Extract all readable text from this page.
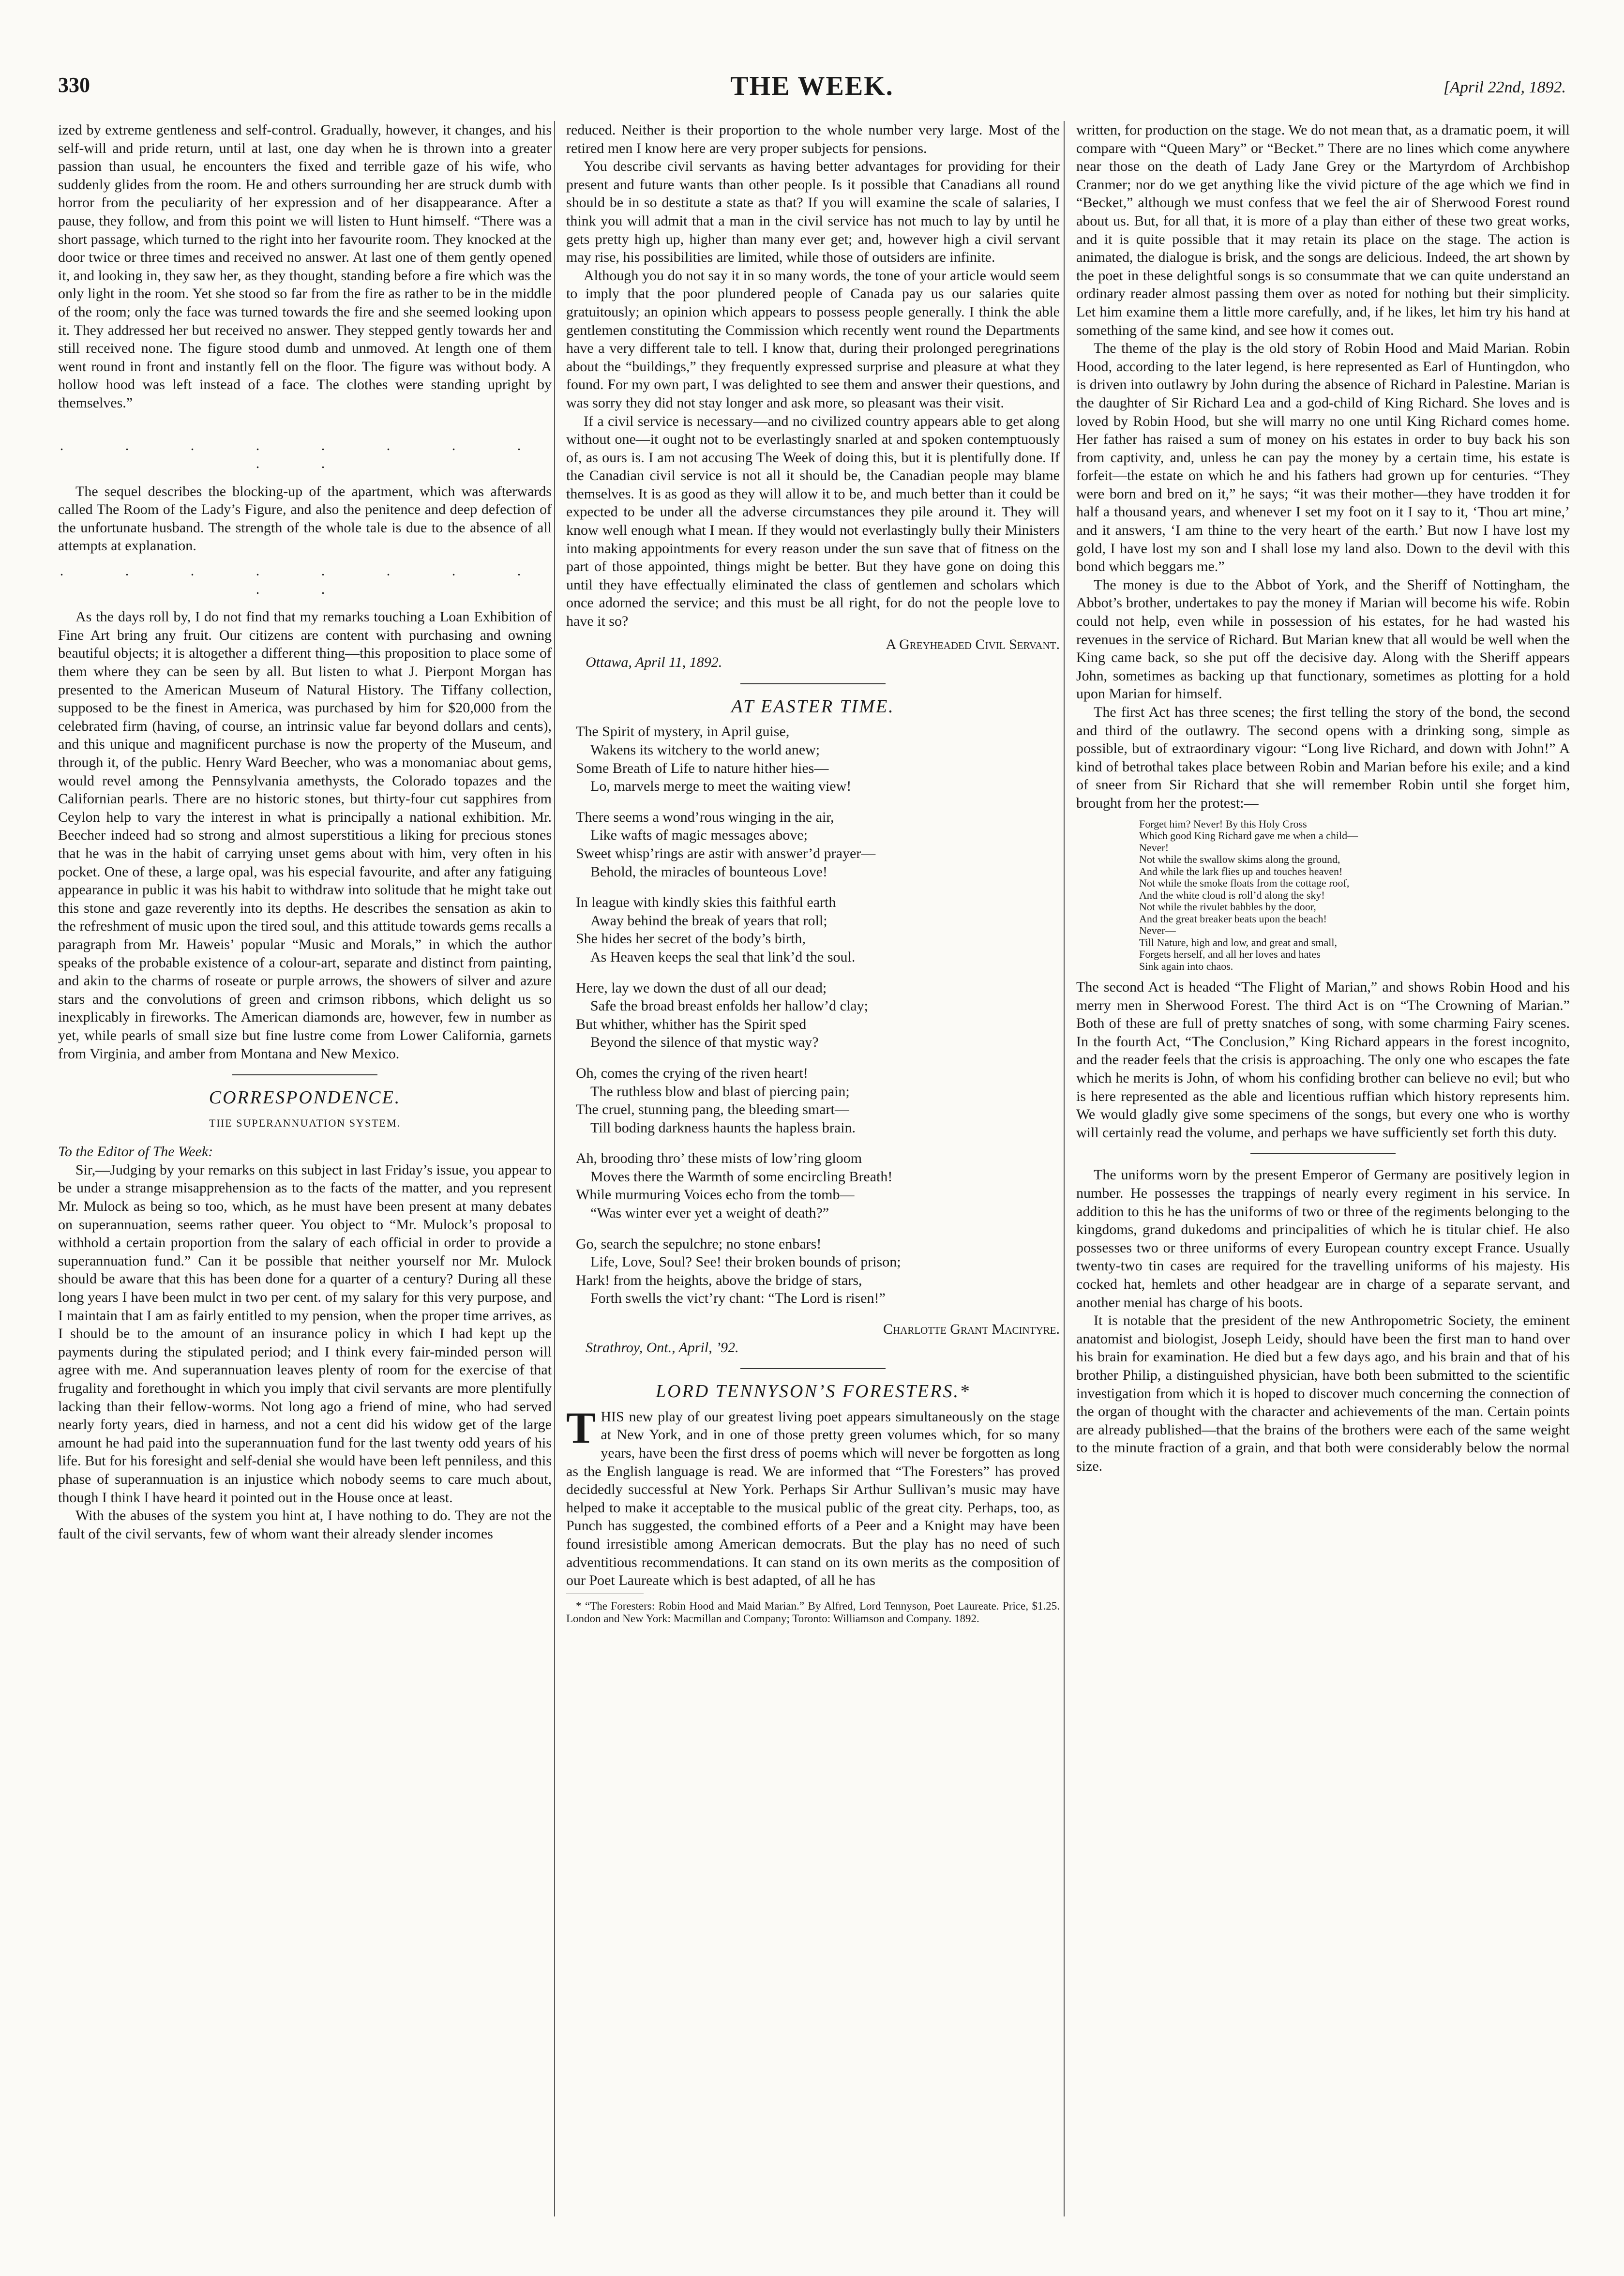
330	THE WEEK.	[April 22nd, 1892.

ized by extreme gentleness and self-control. Gradually, however, it changes, and his self-will and pride return, until at last, one day when he is thrown into a greater passion than usual, he encounters the fixed and terrible gaze of his wife, who suddenly glides from the room. He and others surrounding her are struck dumb with horror from the peculiarity of her expression and of her disappearance. After a pause, they follow, and from this point we will listen to Hunt himself. “There was a short passage, which turned to the right into her favourite room. They knocked at the door twice or three times and received no answer. At last one of them gently opened it, and looking in, they saw her, as they thought, standing before a fire which was the only light in the room. Yet she stood so far from the fire as rather to be in the middle of the room; only the face was turned towards the fire and she seemed looking upon it. They addressed her but received no answer. They stepped gently towards her and still received none. The figure stood dumb and unmoved. At length one of them went round in front and instantly fell on the floor. The figure was without body. A hollow hood was left instead of a face. The clothes were standing upright by themselves.”

. . . . . . . . . .

The sequel describes the blocking-up of the apartment, which was afterwards called The Room of the Lady’s Figure, and also the penitence and deep defection of the unfortunate husband. The strength of the whole tale is due to the absence of all attempts at explanation.

. . . . . . . . . .

As the days roll by, I do not find that my remarks touching a Loan Exhibition of Fine Art bring any fruit. Our citizens are content with purchasing and owning beautiful objects; it is altogether a different thing—this proposition to place some of them where they can be seen by all. But listen to what J. Pierpont Morgan has presented to the American Museum of Natural History. The Tiffany collection, supposed to be the finest in America, was purchased by him for $20,000 from the celebrated firm (having, of course, an intrinsic value far beyond dollars and cents), and this unique and magnificent purchase is now the property of the Museum, and through it, of the public. Henry Ward Beecher, who was a monomaniac about gems, would revel among the Pennsylvania amethysts, the Colorado topazes and the Californian pearls. There are no historic stones, but thirty-four cut sapphires from Ceylon help to vary the interest in what is principally a national exhibition. Mr. Beecher indeed had so strong and almost superstitious a liking for precious stones that he was in the habit of carrying unset gems about with him, very often in his pocket. One of these, a large opal, was his especial favourite, and after any fatiguing appearance in public it was his habit to withdraw into solitude that he might take out this stone and gaze reverently into its depths. He describes the sensation as akin to the refreshment of music upon the tired soul, and this attitude towards gems recalls a paragraph from Mr. Haweis’ popular “Music and Morals,” in which the author speaks of the probable existence of a colour-art, separate and distinct from painting, and akin to the charms of roseate or purple arrows, the showers of silver and azure stars and the convolutions of green and crimson ribbons, which delight us so inexplicably in fireworks. The American diamonds are, however, few in number as yet, while pearls of small size but fine lustre come from Lower California, garnets from Virginia, and amber from Montana and New Mexico.

CORRESPONDENCE.
THE SUPERANNUATION SYSTEM.

To the Editor of The Week:

Sir,—Judging by your remarks on this subject in last Friday’s issue, you appear to be under a strange misapprehension as to the facts of the matter, and you represent Mr. Mulock as being so too, which, as he must have been present at many debates on superannuation, seems rather queer. You object to “Mr. Mulock’s proposal to withhold a certain proportion from the salary of each official in order to provide a superannuation fund.” Can it be possible that neither yourself nor Mr. Mulock should be aware that this has been done for a quarter of a century? During all these long years I have been mulct in two per cent. of my salary for this very purpose, and I maintain that I am as fairly entitled to my pension, when the proper time arrives, as I should be to the amount of an insurance policy in which I had kept up the payments during the stipulated period; and I think every fair-minded person will agree with me. And superannuation leaves plenty of room for the exercise of that frugality and forethought in which you imply that civil servants are more plentifully lacking than their fellow-worms. Not long ago a friend of mine, who had served nearly forty years, died in harness, and not a cent did his widow get of the large amount he had paid into the superannuation fund for the last twenty odd years of his life. But for his foresight and self-denial she would have been left penniless, and this phase of superannuation is an injustice which nobody seems to care much about, though I think I have heard it pointed out in the House once at least.

With the abuses of the system you hint at, I have nothing to do. They are not the fault of the civil servants, few of whom want their already slender incomes

reduced. Neither is their proportion to the whole number very large. Most of the retired men I know here are very proper subjects for pensions.

You describe civil servants as having better advantages for providing for their present and future wants than other people. Is it possible that Canadians all round should be in so destitute a state as that? If you will examine the scale of salaries, I think you will admit that a man in the civil service has not much to lay by until he gets pretty high up, higher than many ever get; and, however high a civil servant may rise, his possibilities are limited, while those of outsiders are infinite.

Although you do not say it in so many words, the tone of your article would seem to imply that the poor plundered people of Canada pay us our salaries quite gratuitously; an opinion which appears to possess people generally. I think the able gentlemen constituting the Commission which recently went round the Departments have a very different tale to tell. I know that, during their prolonged peregrinations about the “buildings,” they frequently expressed surprise and pleasure at what they found. For my own part, I was delighted to see them and answer their questions, and was sorry they did not stay longer and ask more, so pleasant was their visit.

If a civil service is necessary—and no civilized country appears able to get along without one—it ought not to be everlastingly snarled at and spoken contemptuously of, as ours is. I am not accusing The Week of doing this, but it is plentifully done. If the Canadian civil service is not all it should be, the Canadian people may blame themselves. It is as good as they will allow it to be, and much better than it could be expected to be under all the adverse circumstances they pile around it. They will know well enough what I mean. If they would not everlastingly bully their Ministers into making appointments for every reason under the sun save that of fitness on the part of those appointed, things might be better. But they have gone on doing this until they have effectually eliminated the class of gentlemen and scholars which once adorned the service; and this must be all right, for do not the people love to have it so?

A Greyheaded Civil Servant.
Ottawa, April 11, 1892.
AT EASTER TIME.
The Spirit of mystery, in April guise,
Wakens its witchery to the world anew;
Some Breath of Life to nature hither hies—
Lo, marvels merge to meet the waiting view!
There seems a wond’rous winging in the air,
Like wafts of magic messages above;
Sweet whisp’rings are astir with answer’d prayer—
Behold, the miracles of bounteous Love!
In league with kindly skies this faithful earth
Away behind the break of years that roll;
She hides her secret of the body’s birth,
As Heaven keeps the seal that link’d the soul.
Here, lay we down the dust of all our dead;
Safe the broad breast enfolds her hallow’d clay;
But whither, whither has the Spirit sped
Beyond the silence of that mystic way?
Oh, comes the crying of the riven heart!
The ruthless blow and blast of piercing pain;
The cruel, stunning pang, the bleeding smart—
Till boding darkness haunts the hapless brain.
Ah, brooding thro’ these mists of low’ring gloom
Moves there the Warmth of some encircling Breath!
While murmuring Voices echo from the tomb—
“Was winter ever yet a weight of death?”
Go, search the sepulchre; no stone enbars!
Life, Love, Soul? See! their broken bounds of prison;
Hark! from the heights, above the bridge of stars,
Forth swells the vict’ry chant: “The Lord is risen!”
Charlotte Grant Macintyre.
Strathroy, Ont., April, ’92.
LORD TENNYSON’S FORESTERS.*

THIS new play of our greatest living poet appears simultaneously on the stage at New York, and in one of those pretty green volumes which, for so many years, have been the first dress of poems which will never be forgotten as long as the English language is read. We are informed that “The Foresters” has proved decidedly successful at New York. Perhaps Sir Arthur Sullivan’s music may have helped to make it acceptable to the musical public of the great city. Perhaps, too, as Punch has suggested, the combined efforts of a Peer and a Knight may have been found irresistible among American democrats. But the play has no need of such adventitious recommendations. It can stand on its own merits as the composition of our Poet Laureate which is best adapted, of all he has

* “The Foresters: Robin Hood and Maid Marian.” By Alfred, Lord Tennyson, Poet Laureate. Price, $1.25. London and New York: Macmillan and Company; Toronto: Williamson and Company. 1892.

written, for production on the stage. We do not mean that, as a dramatic poem, it will compare with “Queen Mary” or “Becket.” There are no lines which come anywhere near those on the death of Lady Jane Grey or the Martyrdom of Archbishop Cranmer; nor do we get anything like the vivid picture of the age which we find in “Becket,” although we must confess that we feel the air of Sherwood Forest round about us. But, for all that, it is more of a play than either of these two great works, and it is quite possible that it may retain its place on the stage. The action is animated, the dialogue is brisk, and the songs are delicious. Indeed, the art shown by the poet in these delightful songs is so consummate that we can quite understand an ordinary reader almost passing them over as noted for nothing but their simplicity. Let him examine them a little more carefully, and, if he likes, let him try his hand at something of the same kind, and see how it comes out.

The theme of the play is the old story of Robin Hood and Maid Marian. Robin Hood, according to the later legend, is here represented as Earl of Huntingdon, who is driven into outlawry by John during the absence of Richard in Palestine. Marian is the daughter of Sir Richard Lea and a god-child of King Richard. She loves and is loved by Robin Hood, but she will marry no one until King Richard comes home. Her father has raised a sum of money on his estates in order to buy back his son from captivity, and, unless he can pay the money by a certain time, his estate is forfeit—the estate on which he and his fathers had grown up for centuries. “They were born and bred on it,” he says; “it was their mother—they have trodden it for half a thousand years, and whenever I set my foot on it I say to it, ‘Thou art mine,’ and it answers, ‘I am thine to the very heart of the earth.’ But now I have lost my gold, I have lost my son and I shall lose my land also. Down to the devil with this bond which beggars me.”

The money is due to the Abbot of York, and the Sheriff of Nottingham, the Abbot’s brother, undertakes to pay the money if Marian will become his wife. Robin could not help, even while in possession of his estates, for he had wasted his revenues in the service of Richard. But Marian knew that all would be well when the King came back, so she put off the decisive day. Along with the Sheriff appears John, sometimes as backing up that functionary, sometimes as plotting for a hold upon Marian for himself.

The first Act has three scenes; the first telling the story of the bond, the second and third of the outlawry. The second opens with a drinking song, simple as possible, but of extraordinary vigour: “Long live Richard, and down with John!” A kind of betrothal takes place between Robin and Marian before his exile; and a kind of sneer from Sir Richard that she will remember Robin until she forget him, brought from her the protest:—

Forget him? Never! By this Holy Cross
Which good King Richard gave me when a child—
Never!
Not while the swallow skims along the ground,
And while the lark flies up and touches heaven!
Not while the smoke floats from the cottage roof,
And the white cloud is roll’d along the sky!
Not while the rivulet babbles by the door,
And the great breaker beats upon the beach!
Never—
Till Nature, high and low, and great and small,
Forgets herself, and all her loves and hates
Sink again into chaos.

The second Act is headed “The Flight of Marian,” and shows Robin Hood and his merry men in Sherwood Forest. The third Act is on “The Crowning of Marian.” Both of these are full of pretty snatches of song, with some charming Fairy scenes. In the fourth Act, “The Conclusion,” King Richard appears in the forest incognito, and the reader feels that the crisis is approaching. The only one who escapes the fate which he merits is John, of whom his confiding brother can believe no evil; but who is here represented as the able and licentious ruffian which history represents him. We would gladly give some specimens of the songs, but every one who is worthy will certainly read the volume, and perhaps we have sufficiently set forth this duty.

The uniforms worn by the present Emperor of Germany are positively legion in number. He possesses the trappings of nearly every regiment in his service. In addition to this he has the uniforms of two or three of the regiments belonging to the kingdoms, grand dukedoms and principalities of which he is titular chief. He also possesses two or three uniforms of every European country except France. Usually twenty-two tin cases are required for the travelling uniforms of his majesty. His cocked hat, hemlets and other headgear are in charge of a separate servant, and another menial has charge of his boots.

It is notable that the president of the new Anthropometric Society, the eminent anatomist and biologist, Joseph Leidy, should have been the first man to hand over his brain for examination. He died but a few days ago, and his brain and that of his brother Philip, a distinguished physician, have both been submitted to the scientific investigation from which it is hoped to discover much concerning the connection of the organ of thought with the character and achievements of the man. Certain points are already published—that the brains of the brothers were each of the same weight to the minute fraction of a grain, and that both were considerably below the normal size.
